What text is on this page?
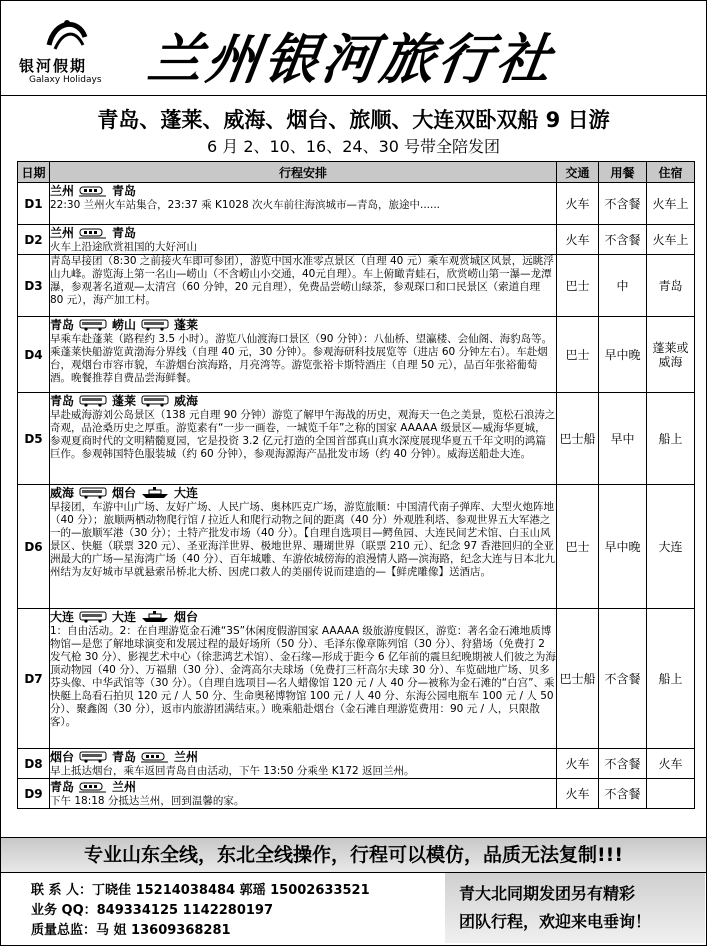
银河假期
Galaxy Holidays 兰州银河旅行社
青岛、蓬莱、威海、烟台、旅顺、大连双卧双船 9 日游
6 月 2、10、16、24、30 号带全陪发团
日期	行程安排	交通	用餐	住宿
D1	兰州 青岛
22:30 兰州火车站集合，23:37 乘 K1028 次火车前往海滨城市—青岛，旅途中......	火车	不含餐	火车上
D2	兰州 青岛
火车上沿途欣赏祖国的大好河山	火车	不含餐	火车上
D3	青岛早接团（8:30 之前接火车即可参团），游览中国水准零点景区（自理 40 元）乘车观赏城区风景，远眺浮山九峰。游览海上第一名山—崂山（不含崂山小交通，40元自理）。车上俯瞰青蛙石，欣赏崂山第一瀑—龙潭瀑，参观著名道观—太清宫（60 分钟，20 元自理），免费品尝崂山绿茶，参观琛口和口民景区（索道自理 80 元），海产加工村。	巴士	中	青岛
D4	青岛 崂山 蓬莱
早乘车赴蓬莱（路程约 3.5 小时）。游览八仙渡海口景区（90 分钟）：八仙桥、望瀛楼、会仙阁、海豹岛等。乘蓬莱快船游览黄渤海分界线（自理 40 元，30 分钟）。参观海研科技展览等（进店 60 分钟左右）。车赴烟台，观烟台市容市貌，车游烟台滨海路，月亮湾等。游览张裕卡斯特酒庄（自理 50 元），品百年张裕葡萄酒。晚餐推荐自费品尝海鲜餐。	巴士	早中晚	蓬莱或威海
D5	青岛 蓬莱 威海
早赴威海游刘公岛景区（138 元自理 90 分钟）游览了解甲午海战的历史，观海天一色之美景，览松石浪涛之奇观，品沧桑历史之厚重。游览素有“一步一画卷，一城览千年”之称的国家 AAAAA 级景区—威海华夏城，参观夏商时代的文明精髓夏园，它是投资 3.2 亿元打造的全国首部真山真水深度展现华夏五千年文明的鸿篇巨作。参观韩国特色服装城（约 60 分钟），参观海源海产品批发市场（约 40 分钟）。威海送船赴大连。	巴士船	早中	船上
D6	威海 烟台 大连
早接团，车游中山广场、友好广场、人民广场、奥林匹克广场，游览旅顺：中国清代南子弹库、大型火炮阵地（40 分）；旅顺两栖动物爬行馆 / 拉近人和爬行动物之间的距离（40 分）外观胜利塔、参观世界五大军港之一的—旅顺军港（30 分）；土特产批发市场（40 分）。【自理自选项目—鳄鱼园、大连民间艺术馆、白玉山风景区、快艇（联票 320 元）、圣亚海洋世界、极地世界、珊瑚世界（联票 210 元）、纪念 97 香港回归的全亚洲最大的广场—星海湾广场（40 分）、百年城雕、车游依城傍海的浪漫情人路—滨海路，纪念大连与日本北九州结为友好城市早就悬索吊桥北大桥、因虎口救人的美丽传说而建造的—【鲜虎雕像】送酒店。	巴士	早中晚	大连
D7	大连 大连 烟台
1：自由活动。2：在自理游览金石滩“3S”休闲度假游国家 AAAAA 级旅游度假区，游览：著名金石滩地质博物馆—是您了解地球演变和发展过程的最好场所（50 分）、毛泽东像章陈列馆（30 分）、狩猎场（免费打 2 发气枪 30 分）、影视艺术中心（徐悲鸿艺术馆）、金石缘—形成于距今 6 亿年前的震旦纪晚期被人们彼之为海顶动物园（40 分）、万福鼎（30 分）、金湾高尔夫球场（免费打三杆高尔夫球 30 分）、车览础地广场、贝多芬头像、中华武馆等（30 分）。（自理自选项目—名人蜡像馆 120 元 / 人 40 分—被称为金石滩的“白宫”、乘快艇上岛看石拍贝 120 元 / 人 50 分、生命奥秘博物馆 100 元 / 人 40 分、东海公园电瓶车 100 元 / 人 50 分）、聚鑫阁（30 分），返市内旅游团满结束。）晚乘船赴烟台（金石滩自理游览费用：90 元 / 人，只限散客）。	巴士船	不含餐	船上
D8	烟台 青岛 兰州
早上抵达烟台，乘车返回青岛自由活动，下午 13:50 分乘坐 K172 返回兰州。	火车	不含餐	火车
D9	青岛 兰州
下午 18:18 分抵达兰州，回到温馨的家。	火车	不含餐	
专业山东全线，东北全线操作，行程可以模仿，品质无法复制!!!
联 系 人：丁晓佳 15214038484 郭瑶 15002633521
业务 QQ：849334125 1142280197
质量总监：马 姐 13609368281
青大北同期发团另有精彩
团队行程，欢迎来电垂询！
